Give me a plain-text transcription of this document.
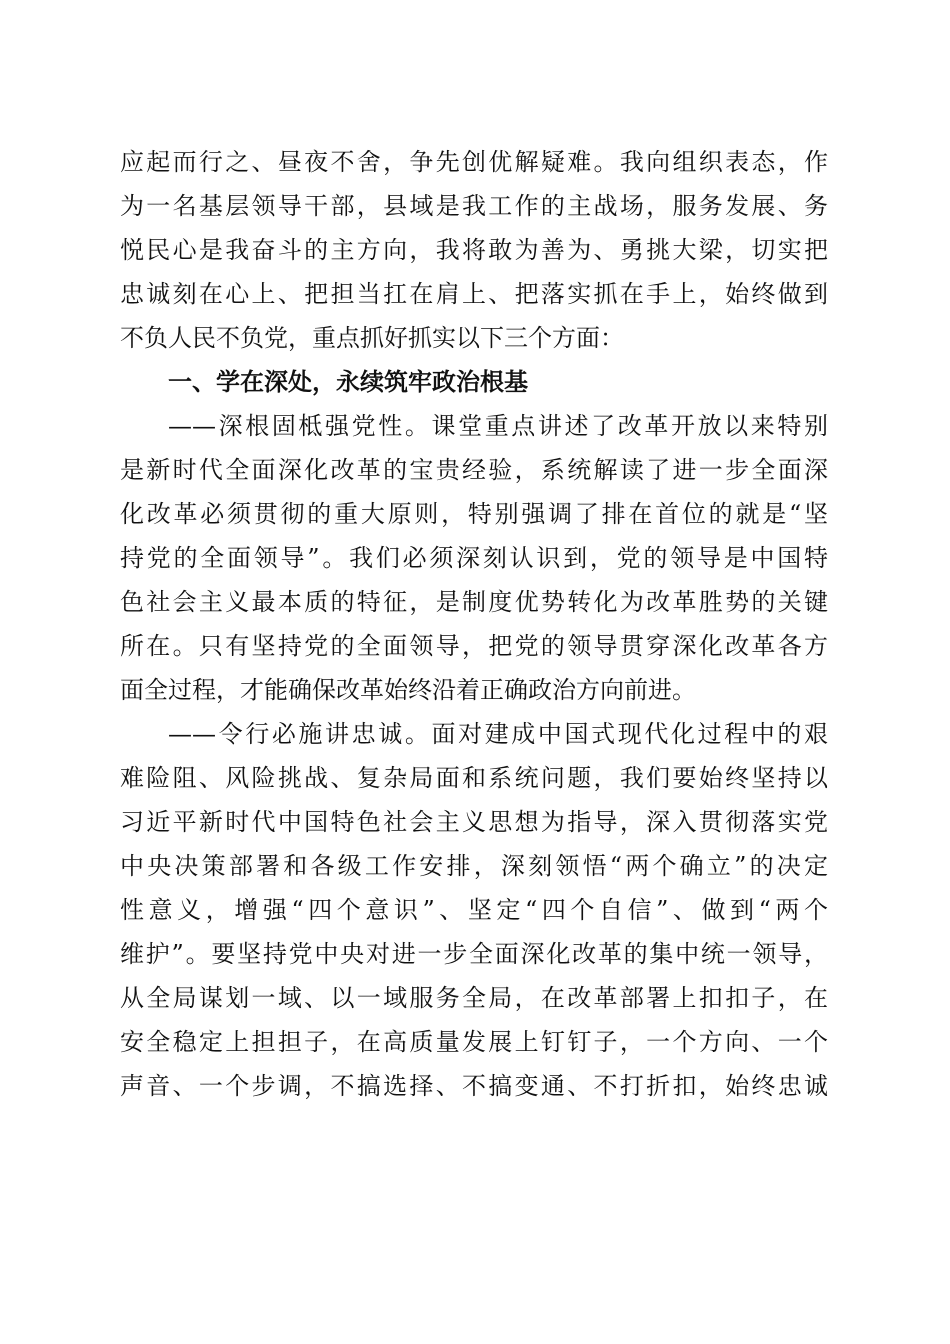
应起而行之、昼夜不舍，争先创优解疑难。我向组织表态，作
为一名基层领导干部，县域是我工作的主战场，服务发展、务
悦民心是我奋斗的主方向，我将敢为善为、勇挑大梁，切实把
忠诚刻在心上、把担当扛在肩上、把落实抓在手上，始终做到
不负人民不负党，重点抓好抓实以下三个方面：
一、学在深处，永续筑牢政治根基
——深根固柢强党性。课堂重点讲述了改革开放以来特别
是新时代全面深化改革的宝贵经验，系统解读了进一步全面深
化改革必须贯彻的重大原则，特别强调了排在首位的就是“坚
持党的全面领导”。我们必须深刻认识到，党的领导是中国特
色社会主义最本质的特征，是制度优势转化为改革胜势的关键
所在。只有坚持党的全面领导，把党的领导贯穿深化改革各方
面全过程，才能确保改革始终沿着正确政治方向前进。
——令行必施讲忠诚。面对建成中国式现代化过程中的艰
难险阻、风险挑战、复杂局面和系统问题，我们要始终坚持以
习近平新时代中国特色社会主义思想为指导，深入贯彻落实党
中央决策部署和各级工作安排，深刻领悟“两个确立”的决定
性意义，增强“四个意识”、坚定“四个自信”、做到“两个
维护”。要坚持党中央对进一步全面深化改革的集中统一领导，
从全局谋划一域、以一域服务全局，在改革部署上扣扣子，在
安全稳定上担担子，在高质量发展上钉钉子，一个方向、一个
声音、一个步调，不搞选择、不搞变通、不打折扣，始终忠诚
